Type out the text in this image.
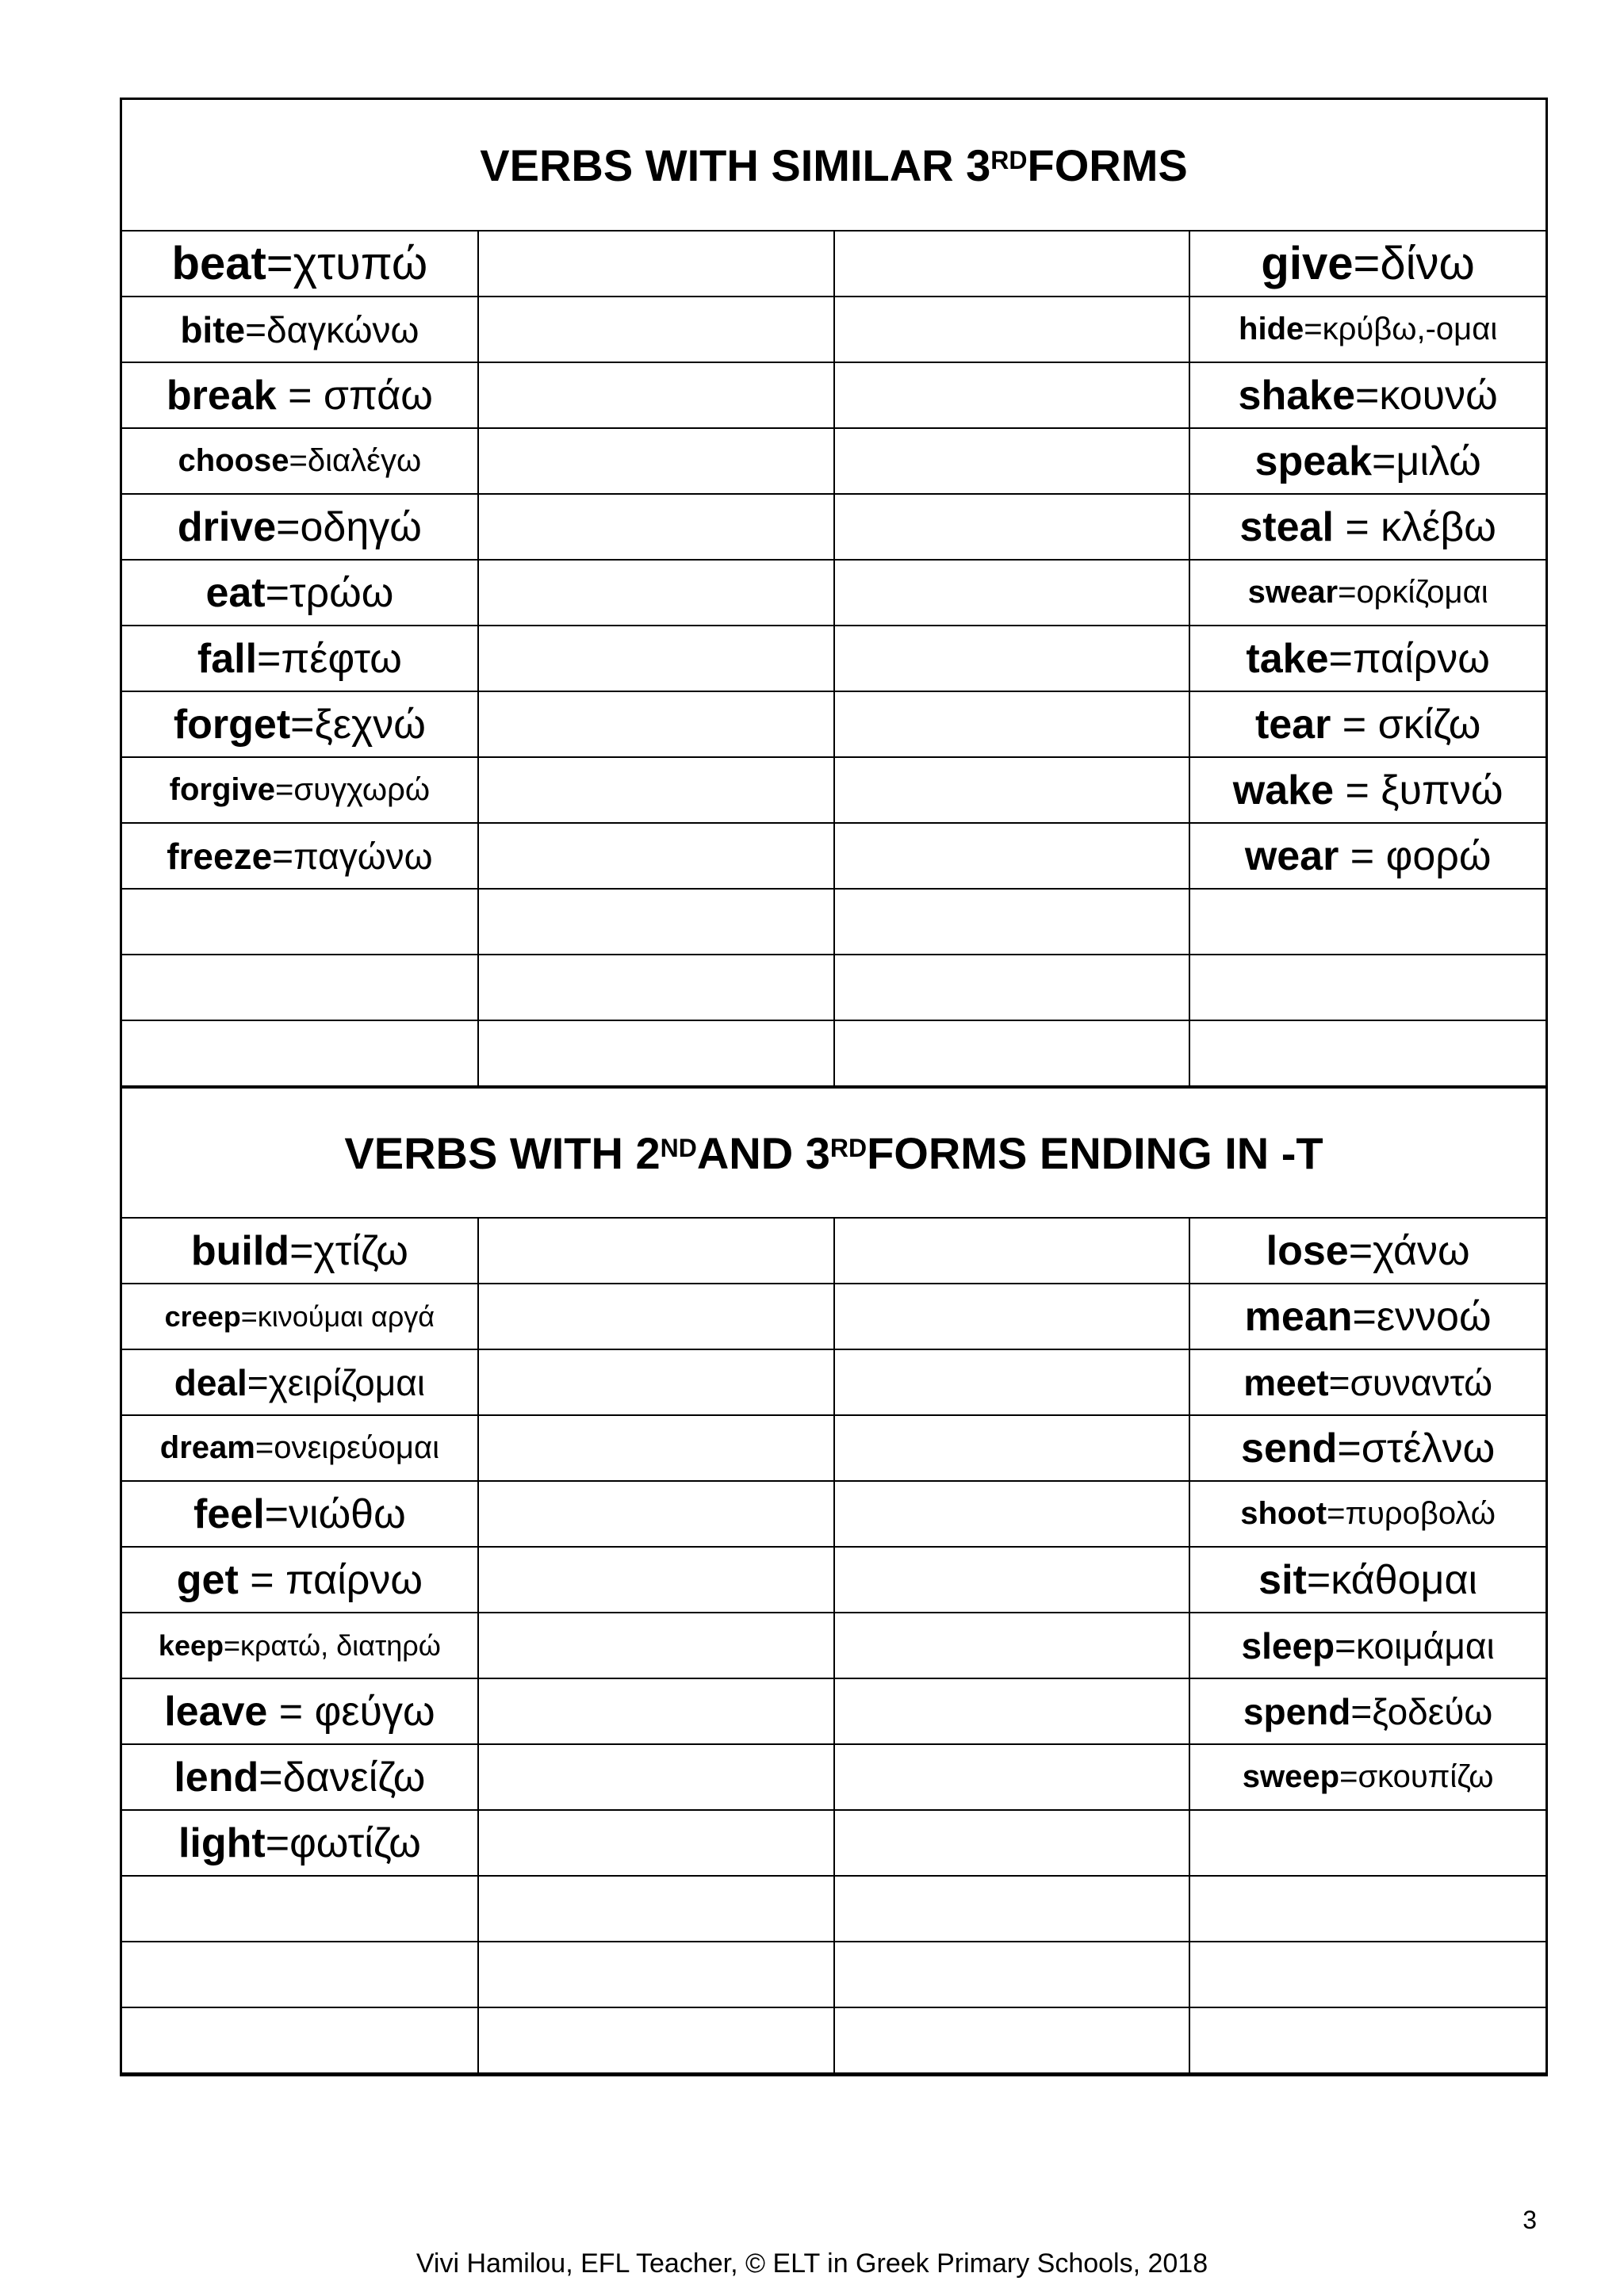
VERBS WITH SIMILAR 3RD FORMS
beat=χτυπώ			give=δίνω
bite=δαγκώνω			hide=κρύβω,-ομαι
break = σπάω			shake=κουνώ
choose=διαλέγω			speak=μιλώ
drive=οδηγώ			steal = κλέβω
eat=τρώω			swear=ορκίζομαι
fall=πέφτω			take=παίρνω
forget=ξεχνώ			tear = σκίζω
forgive=συγχωρώ			wake = ξυπνώ
freeze=παγώνω			wear = φορώ

VERBS WITH 2ND AND 3RD FORMS ENDING IN -T
build=χτίζω			lose=χάνω
creep=κινούμαι αργά			mean=εννοώ
deal=χειρίζομαι			meet=συναντώ
dream=ονειρεύομαι			send=στέλνω
feel=νιώθω			shoot=πυροβολώ
get = παίρνω			sit=κάθομαι
keep=κρατώ, διατηρώ			sleep=κοιμάμαι
leave = φεύγω			spend=ξοδεύω
lend=δανείζω			sweep=σκουπίζω
light=φωτίζω			

3
Vivi Hamilou, EFL Teacher, © ELT in Greek Primary Schools, 2018
